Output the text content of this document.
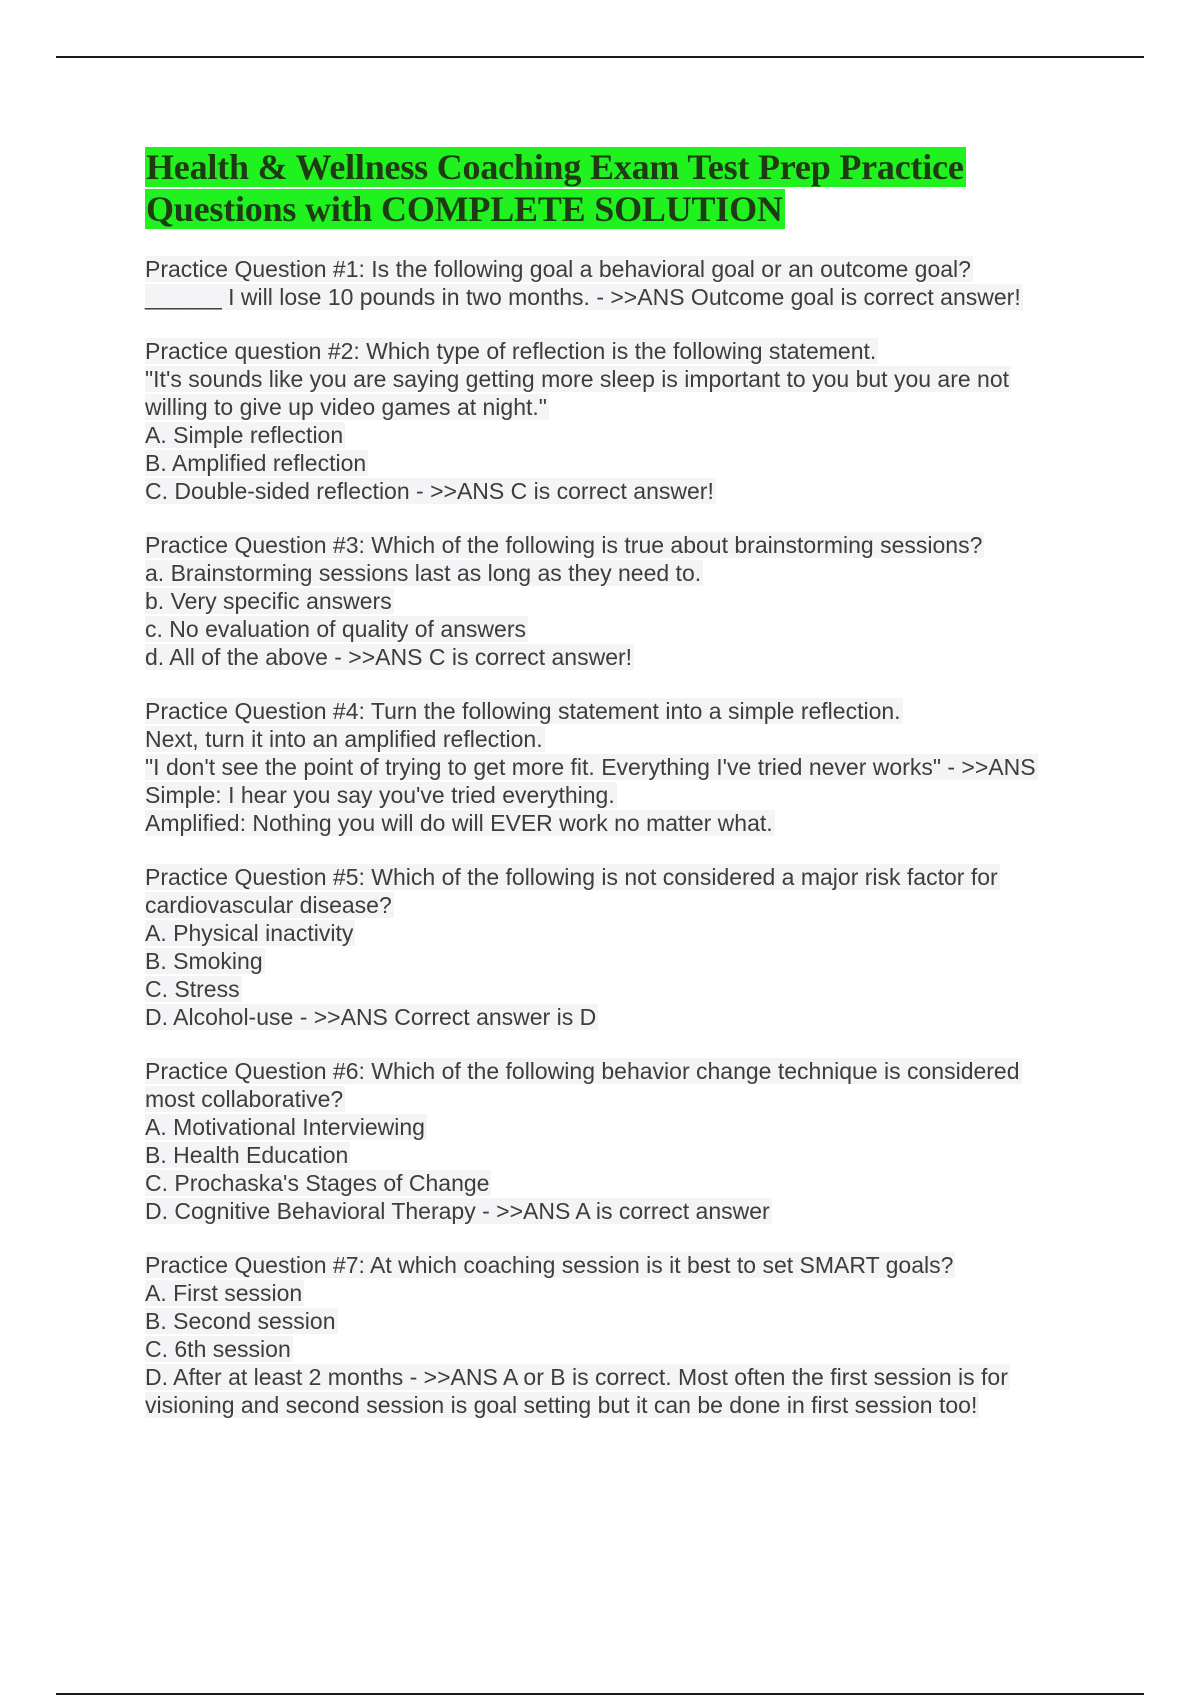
Health & Wellness Coaching Exam Test Prep Practice
Questions with COMPLETE SOLUTION
Practice Question #1: Is the following goal a behavioral goal or an outcome goal?
______ I will lose 10 pounds in two months. - >>ANS Outcome goal is correct answer!
Practice question #2: Which type of reflection is the following statement.
"It's sounds like you are saying getting more sleep is important to you but you are not
willing to give up video games at night."
A. Simple reflection
B. Amplified reflection
C. Double-sided reflection - >>ANS C is correct answer!
Practice Question #3: Which of the following is true about brainstorming sessions?
a. Brainstorming sessions last as long as they need to.
b. Very specific answers
c. No evaluation of quality of answers
d. All of the above - >>ANS C is correct answer!
Practice Question #4: Turn the following statement into a simple reflection.
Next, turn it into an amplified reflection.
"I don't see the point of trying to get more fit. Everything I've tried never works" - >>ANS
Simple: I hear you say you've tried everything.
Amplified: Nothing you will do will EVER work no matter what.
Practice Question #5: Which of the following is not considered a major risk factor for
cardiovascular disease?
A. Physical inactivity
B. Smoking
C. Stress
D. Alcohol-use - >>ANS Correct answer is D
Practice Question #6: Which of the following behavior change technique is considered
most collaborative?
A. Motivational Interviewing
B. Health Education
C. Prochaska's Stages of Change
D. Cognitive Behavioral Therapy - >>ANS A is correct answer
Practice Question #7: At which coaching session is it best to set SMART goals?
A. First session
B. Second session
C. 6th session
D. After at least 2 months - >>ANS A or B is correct. Most often the first session is for
visioning and second session is goal setting but it can be done in first session too!
